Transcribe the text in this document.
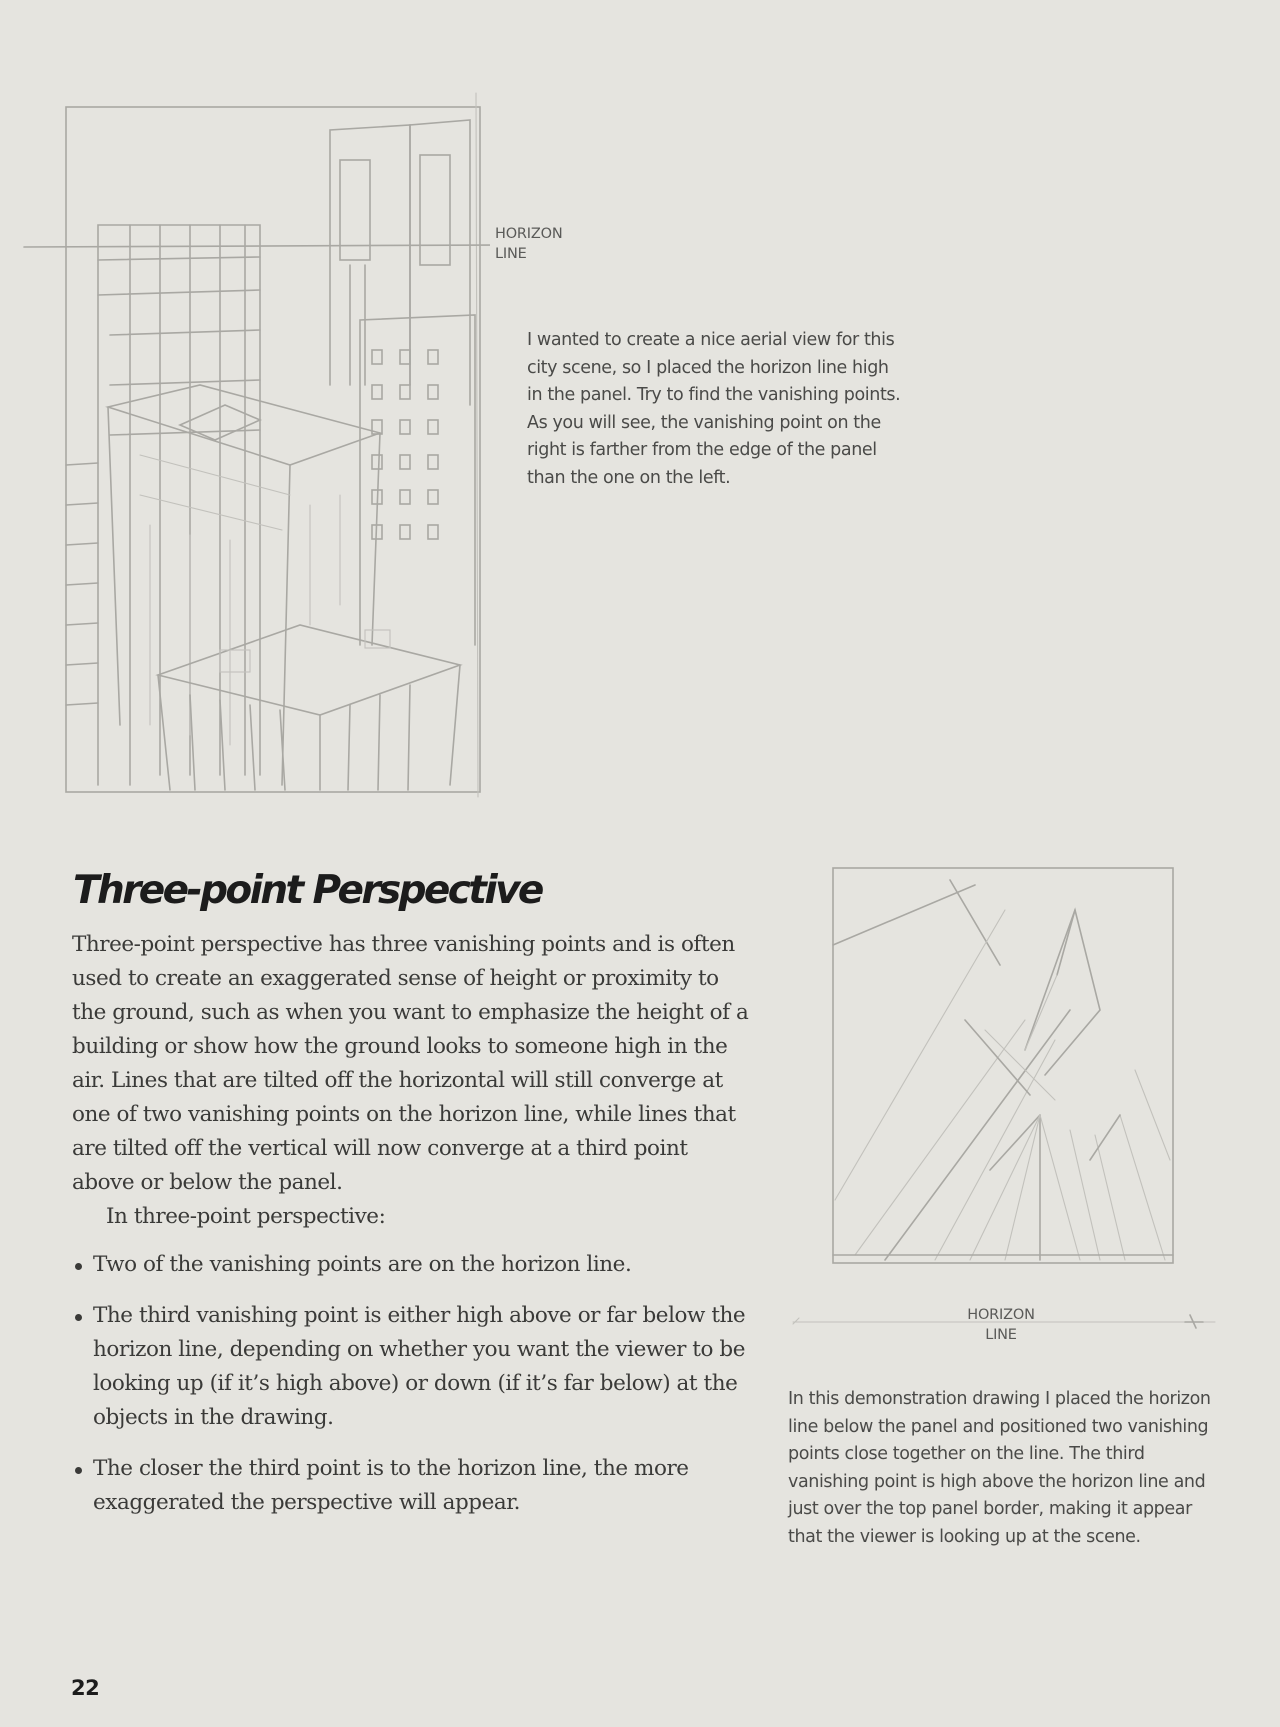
HORIZON
LINE
I wanted to create a nice aerial view for this
city scene, so I placed the horizon line high
in the panel. Try to find the vanishing points.
As you will see, the vanishing point on the
right is farther from the edge of the panel
than the one on the left.
Three-point Perspective

Three-point perspective has three vanishing points and is often used to create an exaggerated sense of height or proximity to the ground, such as when you want to emphasize the height of a building or show how the ground looks to someone high in the air. Lines that are tilted off the horizontal will still converge at one of two vanishing points on the horizon line, while lines that are tilted off the vertical will now converge at a third point above or below the panel.

In three-point perspective:

Two of the vanishing points are on the horizon line.
The third vanishing point is either high above or far below the horizon line, depending on whether you want the viewer to be looking up (if it’s high above) or down (if it’s far below) at the objects in the drawing.
The closer the third point is to the horizon line, the more exaggerated the perspective will appear.
HORIZON
LINE
In this demonstration drawing I placed the horizon
line below the panel and positioned two vanishing
points close together on the line. The third
vanishing point is high above the horizon line and
just over the top panel border, making it appear
that the viewer is looking up at the scene.
22
